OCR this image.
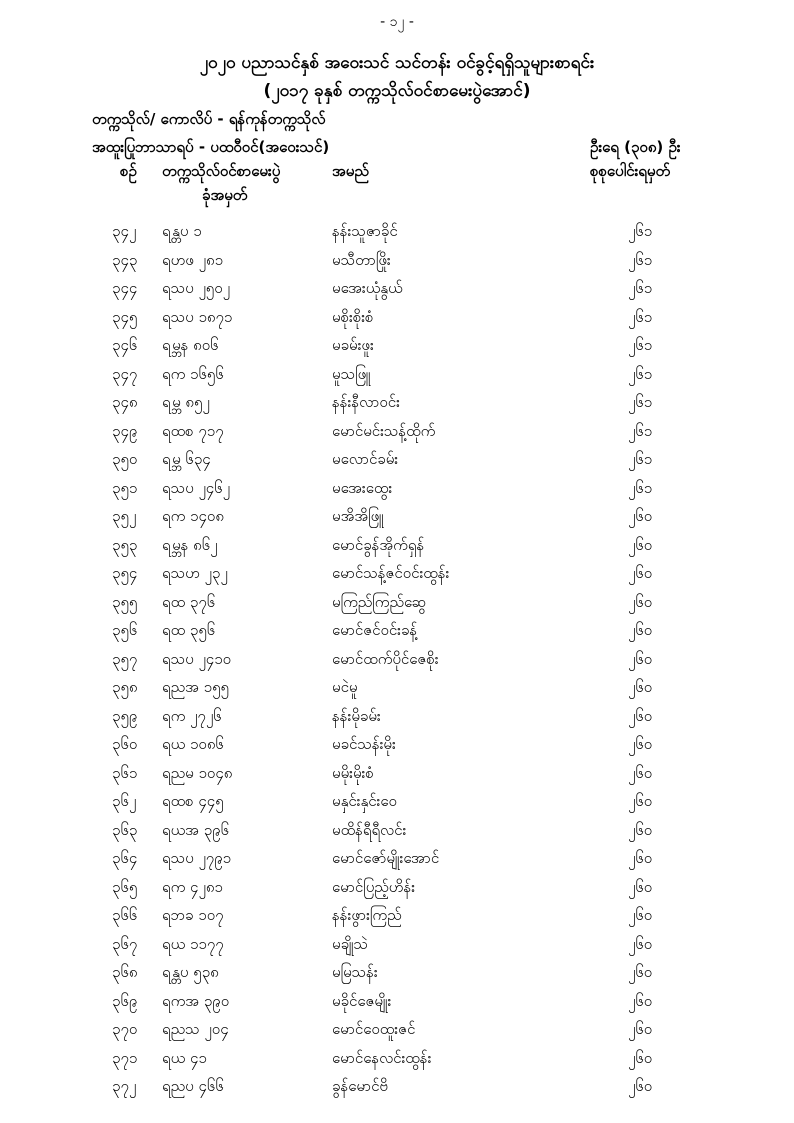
- ၁၂ -
၂၀၂၀ ပညာသင်နှစ် အဝေးသင် သင်တန်း ဝင်ခွင့်ရရှိသူများစာရင်း
(၂၀၁၇ ခုနှစ် တက္ကသိုလ်ဝင်စာမေးပွဲအောင်)
တက္ကသိုလ်/ ကောလိပ် - ရန်ကုန်တက္ကသိုလ်
အထူးပြုဘာသာရပ် - ပထဝီဝင်(အဝေးသင်)	ဦးရေ (၃၀၈) ဦး
စဉ် တက္ကသိုလ်ဝင်စာမေးပွဲ
ခုံအမှတ်
အမည်	စုစုပေါင်းရမှတ်
၃၄၂ ရန္တပ ၁	နန်းသူဇာခိုင်	၂၆၁
၃၄၃ ရဟဖ ၂၈၁	မသီတာဖြိုး	၂၆၁
၃၄၄ ရသပ ၂၅၀၂	မအေးယုံနွယ်	၂၆၁
၃၄၅ ရသပ ၁၈၇၁	မစိုးစိုးစံ	၂၆၁
၃၄၆ ရမ္ဘန ၈၀၆	မခမ်းဖူး	၂၆၁
၃၄၇ ရက ၁၆၅၆	မူသဖြူ	၂၆၁
၃၄၈ ရမ္ဘ ၈၅၂	နန်းနီလာဝင်း	၂၆၁
၃၄၉ ရထစ ၇၁၇	မောင်မင်းသန့်ထိုက်	၂၆၁
၃၅၀ ရမ္ဘ ၆၃၄	မလောင်ခမ်း	၂၆၁
၃၅၁ ရသပ ၂၄၆၂	မအေးထွေး	၂၆၁
၃၅၂ ရက ၁၄၀၈	မအိအိဖြူ	၂၆၀
၃၅၃ ရမ္ဘန ၈၆၂	မောင်ခွန်အိုက်ရှန်	၂၆၀
၃၅၄ ရသဟ ၂၃၂	မောင်သန့်ဇင်ဝင်းထွန်း	၂၆၀
၃၅၅ ရထ ၃၇၆	မကြည်ကြည်ဆွေ	၂၆၀
၃၅၆ ရထ ၃၅၆	မောင်ဇင်ဝင်းခန့်	၂၆၀
၃၅၇ ရသပ ၂၄၁၀	မောင်ထက်ပိုင်ဇေစိုး	၂၆၀
၃၅၈ ရညအ ၁၅၅	မငဲမူ	၂၆၀
၃၅၉ ရက ၂၇၂၆	နန်းမိုခမ်း	၂၆၀
၃၆၀ ရယ ၁၀၈၆	မခင်သန်းမိုး	၂၆၀
၃၆၁ ရညမ ၁၀၄၈	မမိုးမိုးစံ	၂၆၀
၃၆၂ ရထစ ၄၄၅	မနှင်းနှင်းဝေ	၂၆၀
၃၆၃ ရယအ ၃၉၆	မထိန်ရီရီလင်း	၂၆၀
၃၆၄ ရသပ ၂၇၉၁	မောင်ဇော်မျိုးအောင်	၂၆၀
၃၆၅ ရက ၄၂၈၁	မောင်ပြည့်ဟိန်း	၂၆၀
၃၆၆ ရဘခ ၁၀၇	နန်းဖွားကြည်	၂၆၀
၃၆၇ ရယ ၁၁၇၇	မချိုသဲ	၂၆၀
၃၆၈ ရန္တပ ၅၃၈	မမြသန်း	၂၆၀
၃၆၉ ရကအ ၃၉၀	မခိုင်ဇေမျိုး	၂၆၀
၃၇၀ ရညသ ၂၀၄	မောင်ဝေထူးဇင်	၂၆၀
၃၇၁ ရယ ၄၁	မောင်နေလင်းထွန်း	၂၆၀
၃၇၂ ရညပ ၄၆၆	ခွန်မောင်ဗိ	၂၆၀
